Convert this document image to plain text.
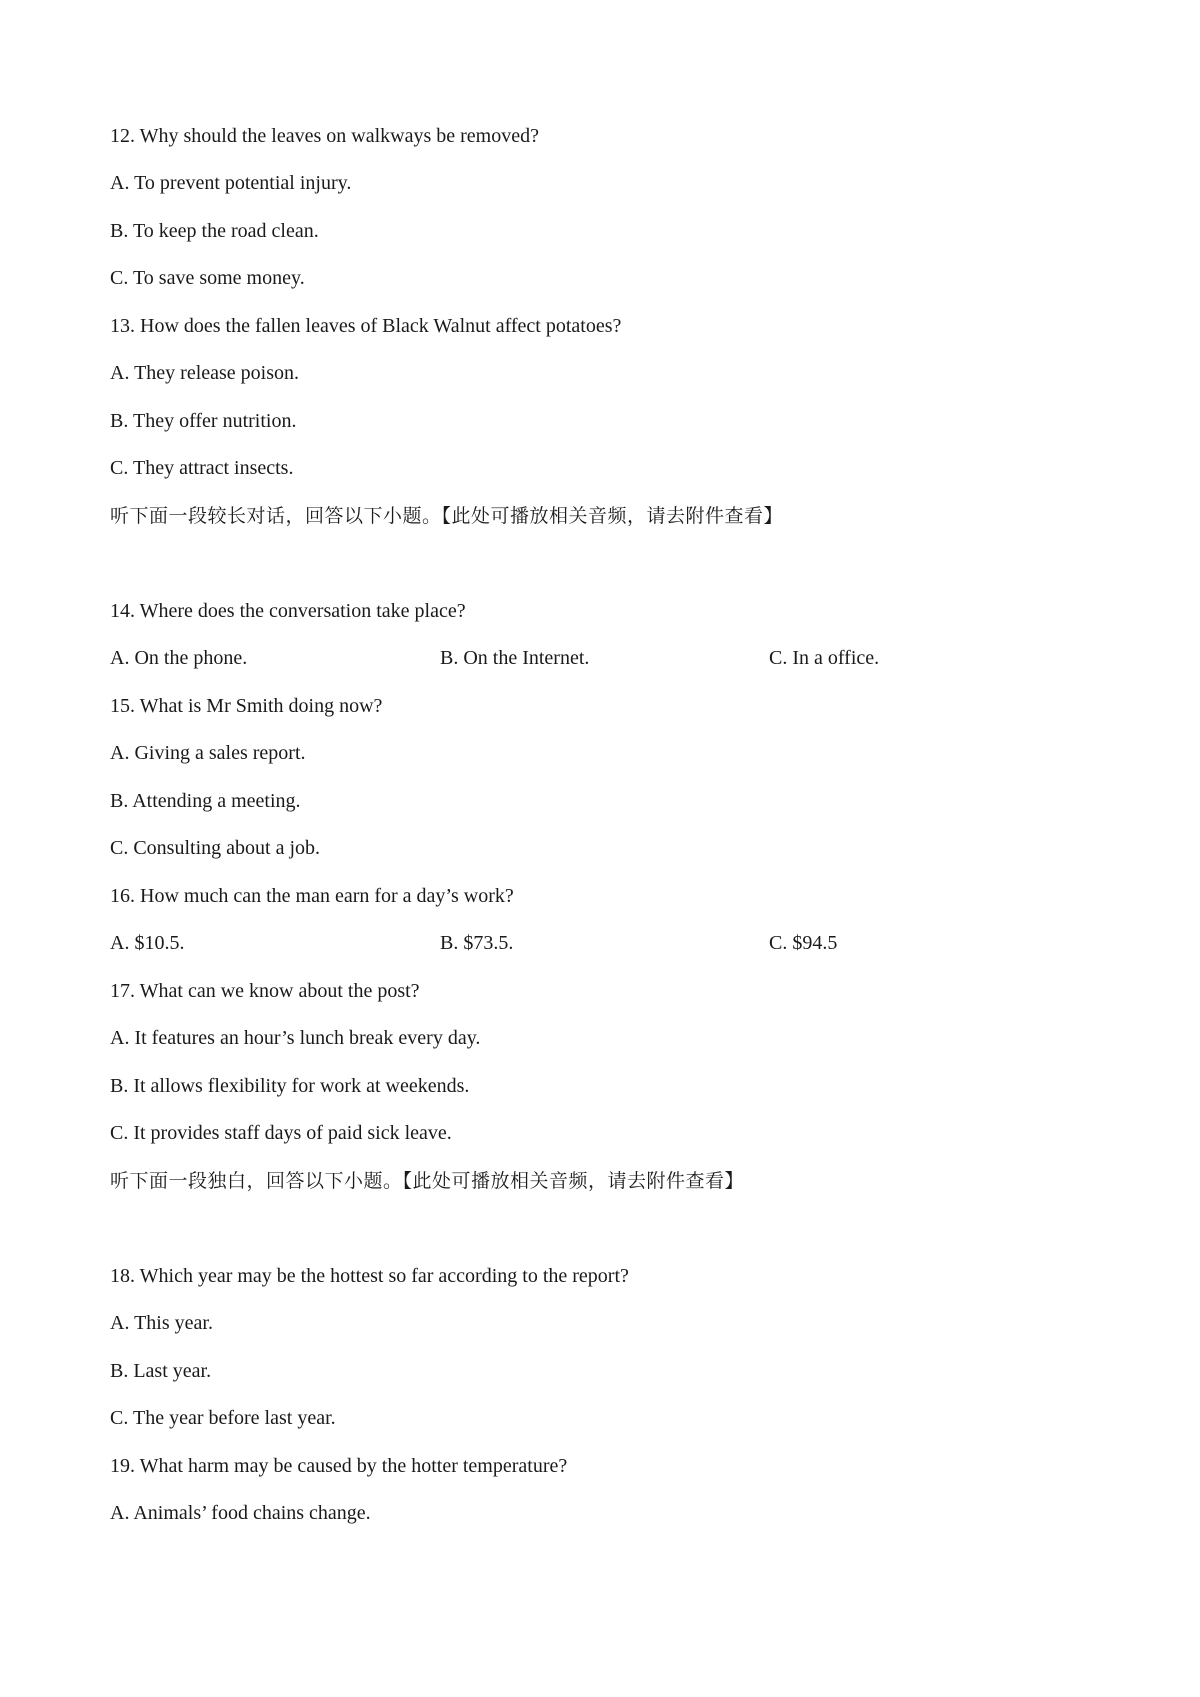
12. Why should the leaves on walkways be removed?
A. To prevent potential injury.
B. To keep the road clean.
C. To save some money.
13. How does the fallen leaves of Black Walnut affect potatoes?
A. They release poison.
B. They offer nutrition.
C. They attract insects.
听下面一段较长对话，回答以下小题。【此处可播放相关音频，请去附件查看】
14. Where does the conversation take place?
A. On the phone.	B. On the Internet.	C. In a office.
15. What is Mr Smith doing now?
A. Giving a sales report.
B. Attending a meeting.
C. Consulting about a job.
16. How much can the man earn for a day’s work?
A. $10.5.	B. $73.5.	C. $94.5
17. What can we know about the post?
A. It features an hour’s lunch break every day.
B. It allows flexibility for work at weekends.
C. It provides staff days of paid sick leave.
听下面一段独白，回答以下小题。【此处可播放相关音频，请去附件查看】
18. Which year may be the hottest so far according to the report?
A. This year.
B. Last year.
C. The year before last year.
19. What harm may be caused by the hotter temperature?
A. Animals’ food chains change.
